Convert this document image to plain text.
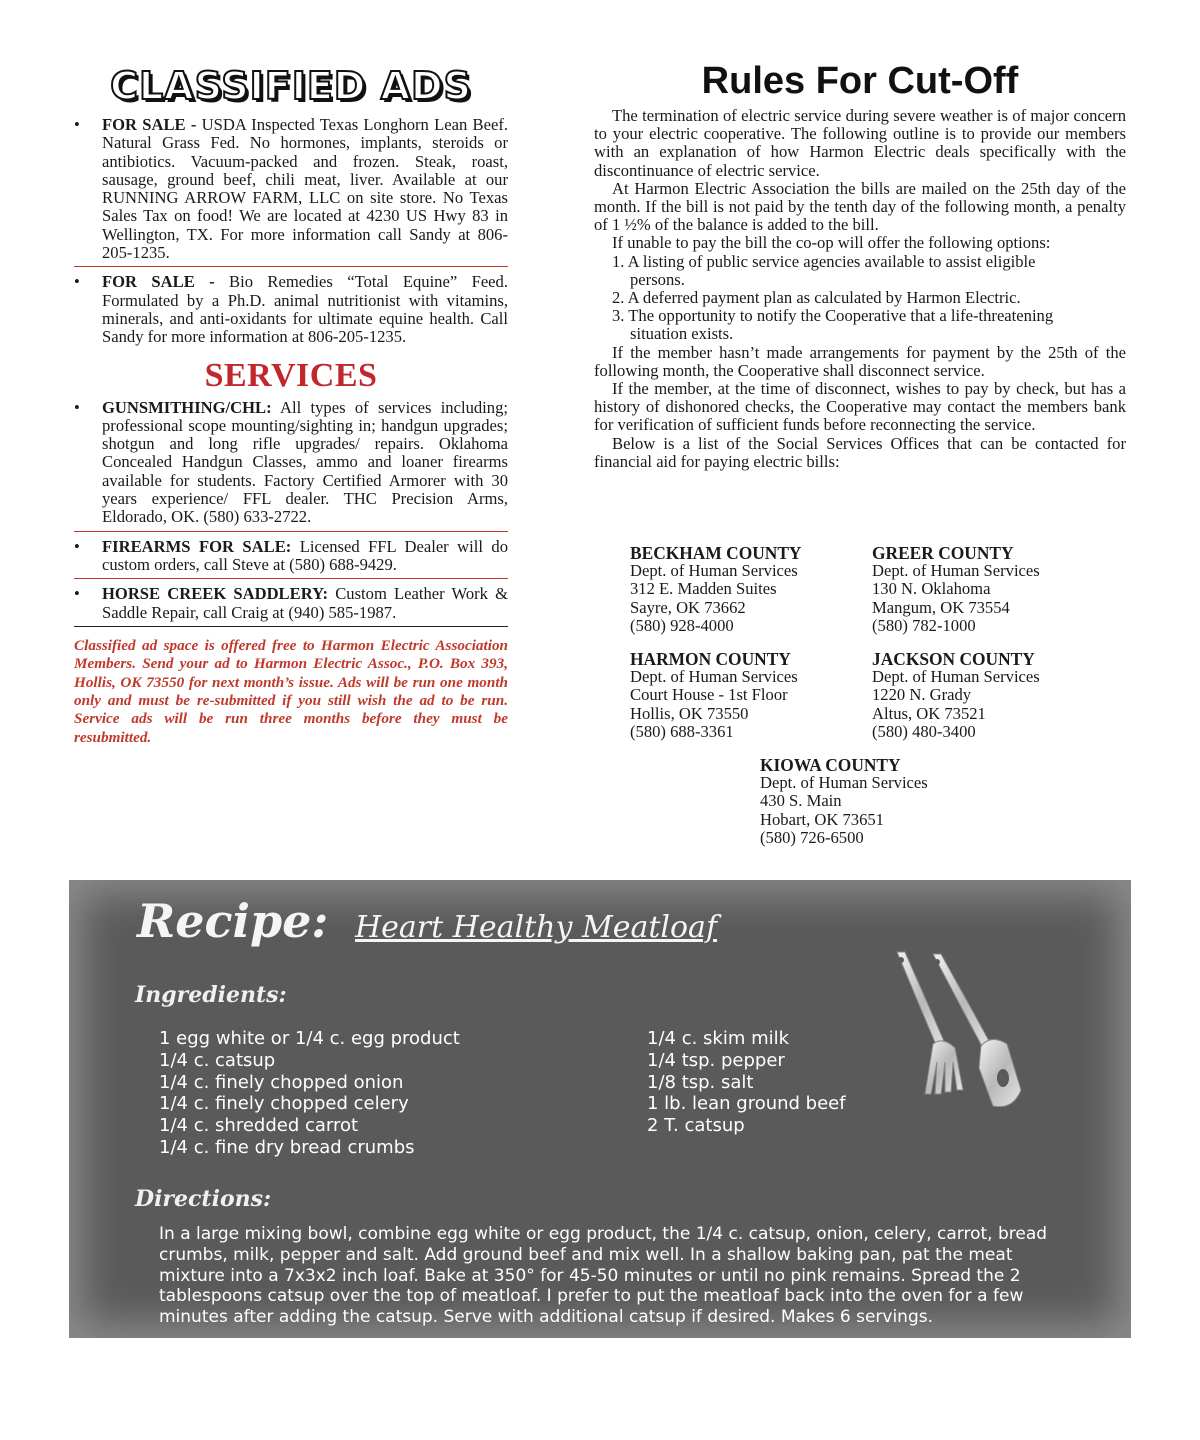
CLASSIFIED ADS
• FOR SALE - USDA Inspected Texas Longhorn Lean Beef. Natural Grass Fed. No hormones, implants, steroids or antibiotics. Vacuum-packed and frozen. Steak, roast, sausage, ground beef, chili meat, liver. Available at our RUNNING ARROW FARM, LLC on site store. No Texas Sales Tax on food! We are located at 4230 US Hwy 83 in Wellington, TX. For more information call Sandy at 806-205-1235.
• FOR SALE - Bio Remedies “Total Equine” Feed. Formulated by a Ph.D. animal nutritionist with vitamins, minerals, and anti-oxidants for ultimate equine health. Call Sandy for more information at 806-205-1235.
SERVICES
• GUNSMITHING/CHL: All types of services including; professional scope mounting/sighting in; handgun upgrades; shotgun and long rifle upgrades/ repairs. Oklahoma Concealed Handgun Classes, ammo and loaner firearms available for students. Factory Certified Armorer with 30 years experience/ FFL dealer. THC Precision Arms, Eldorado, OK. (580) 633-2722.
• FIREARMS FOR SALE: Licensed FFL Dealer will do custom orders, call Steve at (580) 688-9429.
• HORSE CREEK SADDLERY: Custom Leather Work & Saddle Repair, call Craig at (940) 585-1987.
Classified ad space is offered free to Harmon Electric Association Members. Send your ad to Harmon Electric Assoc., P.O. Box 393, Hollis, OK 73550 for next month’s issue. Ads will be run one month only and must be re-submitted if you still wish the ad to be run. Service ads will be run three months before they must be resubmitted.
Rules For Cut-Off

The termination of electric service during severe weather is of major concern to your electric cooperative. The following outline is to provide our members with an explanation of how Harmon Electric deals specifically with the discontinuance of electric service.

At Harmon Electric Association the bills are mailed on the 25th day of the month. If the bill is not paid by the tenth day of the following month, a penalty of 1 ½% of the balance is added to the bill.

If unable to pay the bill the co-op will offer the following options:

1. A listing of public service agencies available to assist eligible persons.

2. A deferred payment plan as calculated by Harmon Electric.

3. The opportunity to notify the Cooperative that a life-threatening situation exists.

If the member hasn’t made arrangements for payment by the 25th of the following month, the Cooperative shall disconnect service.

If the member, at the time of disconnect, wishes to pay by check, but has a history of dishonored checks, the Cooperative may contact the members bank for verification of sufficient funds before reconnecting the service.

Below is a list of the Social Services Offices that can be contacted for financial aid for paying electric bills:

BECKHAM COUNTY
Dept. of Human Services
312 E. Madden Suites
Sayre, OK 73662
(580) 928-4000
GREER COUNTY
Dept. of Human Services
130 N. Oklahoma
Mangum, OK 73554
(580) 782-1000
HARMON COUNTY
Dept. of Human Services
Court House - 1st Floor
Hollis, OK 73550
(580) 688-3361
JACKSON COUNTY
Dept. of Human Services
1220 N. Grady
Altus, OK 73521
(580) 480-3400
KIOWA COUNTY
Dept. of Human Services
430 S. Main
Hobart, OK 73651
(580) 726-6500
Recipe: Heart Healthy Meatloaf
Ingredients:
1 egg white or 1/4 c. egg product
1/4 c. catsup
1/4 c. finely chopped onion
1/4 c. finely chopped celery
1/4 c. shredded carrot
1/4 c. fine dry bread crumbs
1/4 c. skim milk
1/4 tsp. pepper
1/8 tsp. salt
1 lb. lean ground beef
2 T. catsup
Directions:
In a large mixing bowl, combine egg white or egg product, the 1/4 c. catsup, onion, celery, carrot, bread crumbs, milk, pepper and salt. Add ground beef and mix well. In a shallow baking pan, pat the meat mixture into a 7x3x2 inch loaf. Bake at 350° for 45-50 minutes or until no pink remains. Spread the 2 tablespoons catsup over the top of meatloaf. I prefer to put the meatloaf back into the oven for a few minutes after adding the catsup. Serve with additional catsup if desired. Makes 6 servings.
